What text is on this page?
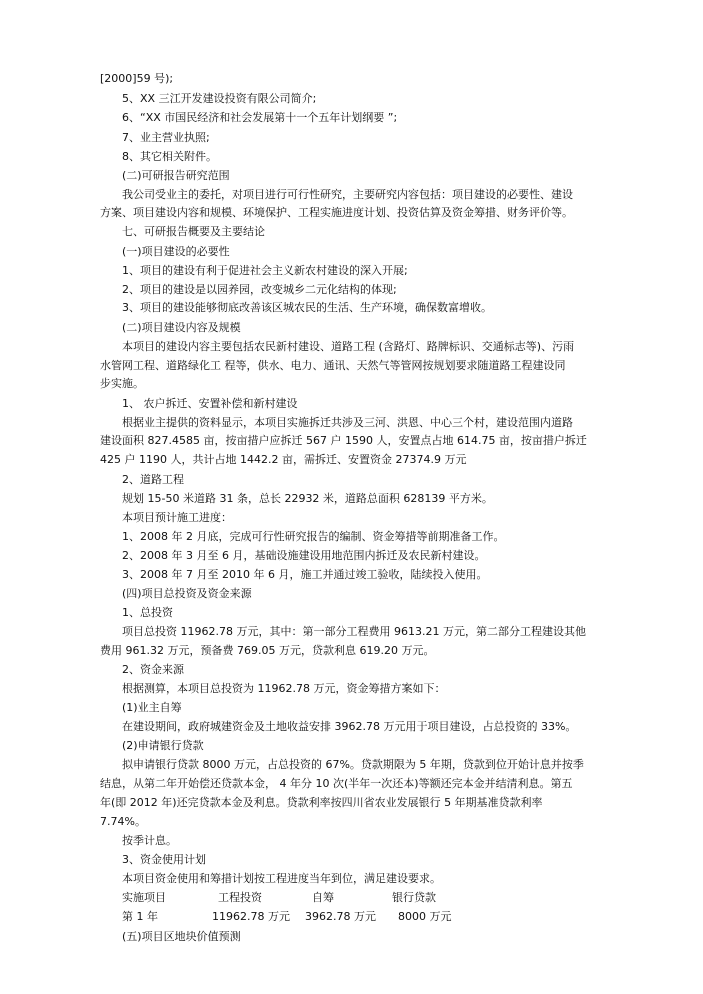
[2000]59 号);
5、XX 三江开发建设投资有限公司简介;
6、“XX 市国民经济和社会发展第十一个五年计划纲要 ”;
7、业主营业执照;
8、其它相关附件。
(二)可研报告研究范围
我公司受业主的委托，对项目进行可行性研究，主要研究内容包括：项目建设的必要性、建设
方案、项目建设内容和规模、环境保护、工程实施进度计划、投资估算及资金筹措、财务评价等。
七、可研报告概要及主要结论
(一)项目建设的必要性
1、项目的建设有利于促进社会主义新农村建设的深入开展;
2、项目的建设是以园养园，改变城乡二元化结构的体现;
3、项目的建设能够彻底改善该区城农民的生活、生产环境，确保数富增收。
(二)项目建设内容及规模
本项目的建设内容主要包括农民新村建设、道路工程 (含路灯、路牌标识、交通标志等)、污雨
水管网工程、道路绿化工 程等，供水、电力、通讯、天然气等管网按规划要求随道路工程建设同
步实施。
1、 农户拆迁、安置补偿和新村建设
根据业主提供的资料显示，本项目实施拆迁共涉及三河、洪恩、中心三个村，建设范围内道路
建设面积 827.4585 亩，按亩措户应拆迁 567 户 1590 人，安置点占地 614.75 亩，按亩措户拆迁
425 户 1190 人，共计占地 1442.2 亩，需拆迁、安置资金 27374.9 万元
2、道路工程
规划 15-50 米道路 31 条，总长 22932 米，道路总面积 628139 平方米。
本项目预计施工进度：
1、2008 年 2 月底，完成可行性研究报告的编制、资金筹措等前期准备工作。
2、2008 年 3 月至 6 月，基础设施建设用地范围内拆迁及农民新村建设。
3、2008 年 7 月至 2010 年 6 月，施工并通过竣工验收，陆续投入使用。
(四)项目总投资及资金来源
1、总投资
项目总投资 11962.78 万元，其中：第一部分工程费用 9613.21 万元，第二部分工程建设其他
费用 961.32 万元，预备费 769.05 万元，贷款利息 619.20 万元。
2、资金来源
根据测算，本项目总投资为 11962.78 万元，资金筹措方案如下：
(1)业主自筹
在建设期间，政府城建资金及土地收益安排 3962.78 万元用于项目建设，占总投资的 33%。
(2)申请银行贷款
拟申请银行贷款 8000 万元，占总投资的 67%。贷款期限为 5 年期，贷款到位开始计息并按季
结息，从第二年开始偿还贷款本金， 4 年分 10 次(半年一次还本)等额还完本金并结清利息。第五
年(即 2012 年)还完贷款本金及利息。贷款利率按四川省农业发展银行 5 年期基准贷款利率
7.74%。
按季计息。
3、资金使用计划
本项目资金使用和筹措计划按工程进度当年到位，满足建设要求。
实施项目	工程投资	自筹	银行贷款
第 1 年	11962.78 万元 3962.78 万元 8000 万元
(五)项目区地块价值预测
